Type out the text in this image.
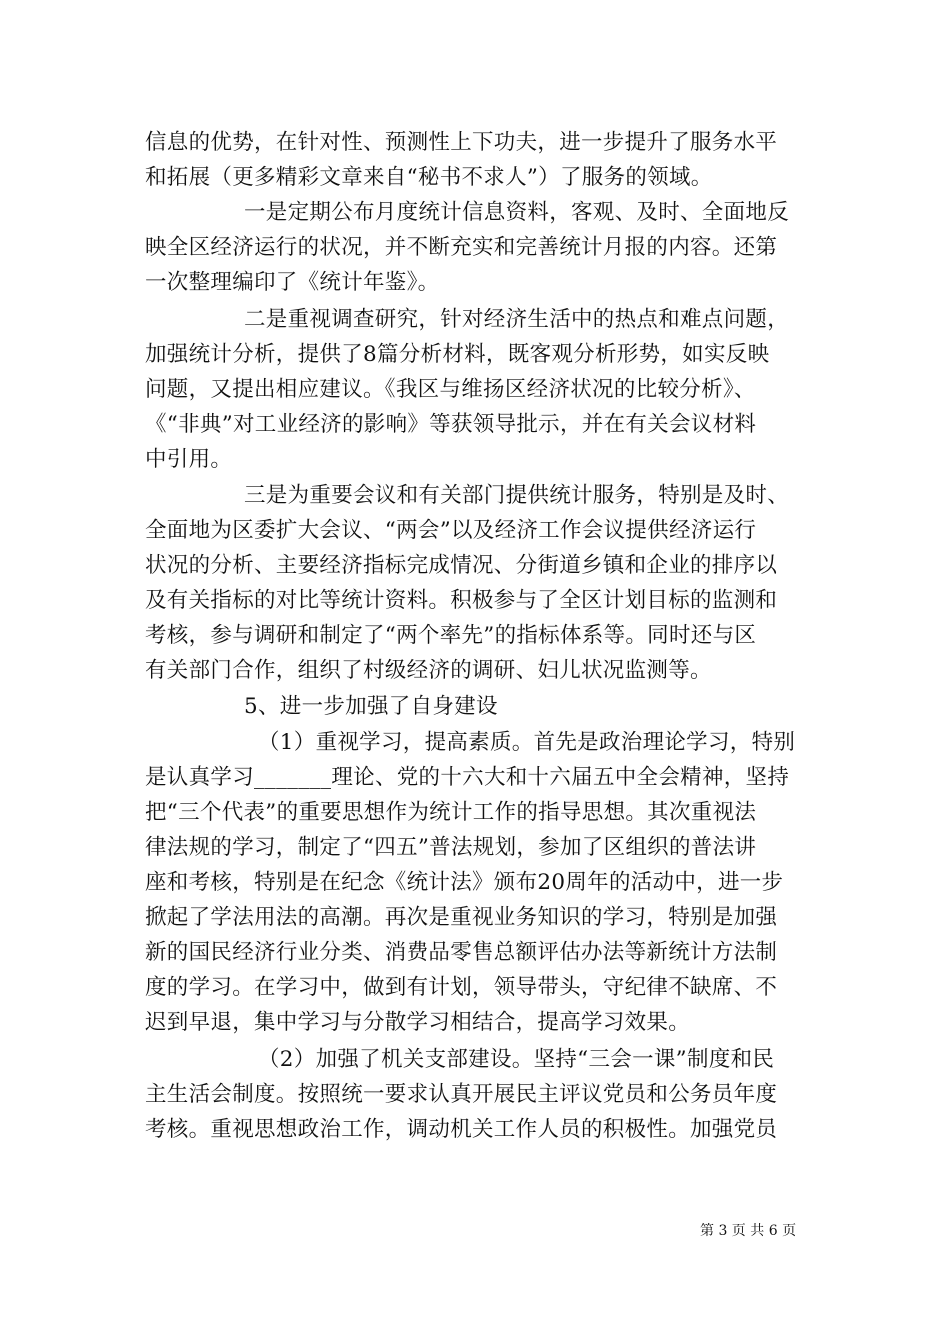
信息的优势，在针对性、预测性上下功夫，进一步提升了服务水平
和拓展（更多精彩文章来自“秘书不求人”）了服务的领域。
一是定期公布月度统计信息资料，客观、及时、全面地反
映全区经济运行的状况，并不断充实和完善统计月报的内容。还第
一次整理编印了《统计年鉴》。
二是重视调查研究，针对经济生活中的热点和难点问题，
加强统计分析，提供了8篇分析材料，既客观分析形势，如实反映
问题，又提出相应建议。《我区与维扬区经济状况的比较分析》、
《“非典”对工业经济的影响》等获领导批示，并在有关会议材料
中引用。
三是为重要会议和有关部门提供统计服务，特别是及时、
全面地为区委扩大会议、“两会”以及经济工作会议提供经济运行
状况的分析、主要经济指标完成情况、分街道乡镇和企业的排序以
及有关指标的对比等统计资料。积极参与了全区计划目标的监测和
考核，参与调研和制定了“两个率先”的指标体系等。同时还与区
有关部门合作，组织了村级经济的调研、妇儿状况监测等。
5、进一步加强了自身建设
（1）重视学习，提高素质。首先是政治理论学习，特别
是认真学习_______理论、党的十六大和十六届五中全会精神，坚持
把“三个代表”的重要思想作为统计工作的指导思想。其次重视法
律法规的学习，制定了“四五”普法规划，参加了区组织的普法讲
座和考核，特别是在纪念《统计法》颁布20周年的活动中，进一步
掀起了学法用法的高潮。再次是重视业务知识的学习，特别是加强
新的国民经济行业分类、消费品零售总额评估办法等新统计方法制
度的学习。在学习中，做到有计划，领导带头，守纪律不缺席、不
迟到早退，集中学习与分散学习相结合，提高学习效果。
（2）加强了机关支部建设。坚持“三会一课”制度和民
主生活会制度。按照统一要求认真开展民主评议党员和公务员年度
考核。重视思想政治工作，调动机关工作人员的积极性。加强党员
第 3 页 共 6 页
